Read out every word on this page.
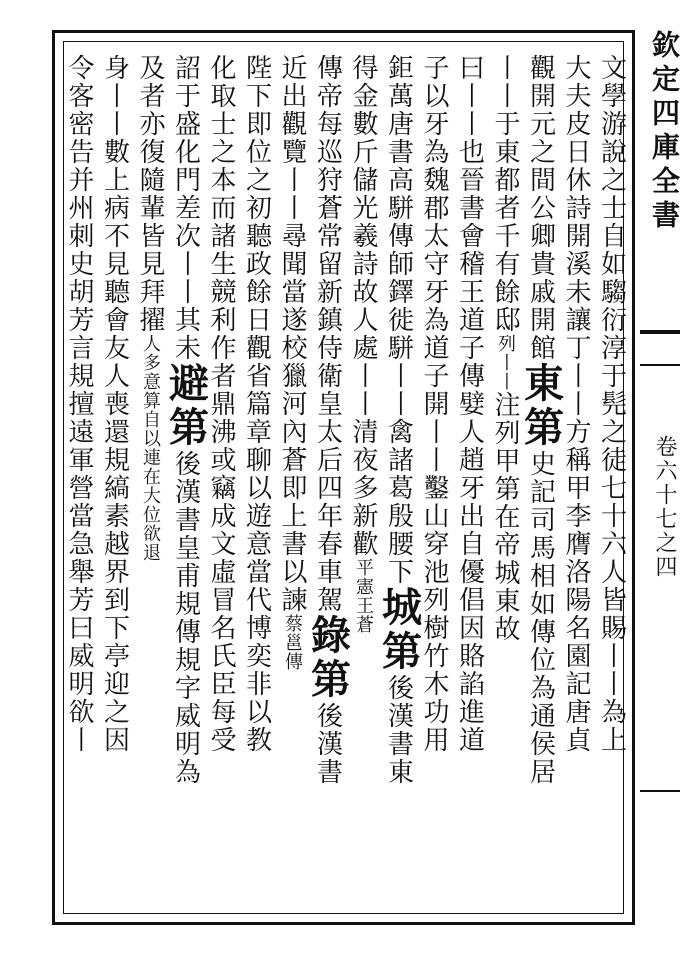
欽定四庫全書
卷六十七之四
文學游說之士自如騶衍淳于髡之徒七十六人皆賜丨丨為上
大夫皮日休詩開溪未讓丁丨丨方稱甲李膺洛陽名園記唐貞
觀開元之間公卿貴戚開館東第史記司馬相如傳位為通侯居
丨丨于東都者千有餘邸列丨丨注列甲第在帝城東故
曰丨丨也晉書會稽王道子傳嬖人趙牙出自優倡因賂諂進道
子以牙為魏郡太守牙為道子開丨丨鑿山穿池列樹竹木功用
鉅萬唐書高駢傳師鐸徙駢丨丨禽諸葛殷腰下城第後漢書東
得金數斤儲光羲詩故人處丨丨清夜多新歡平憲王蒼
傳帝每巡狩蒼常留新鎮侍衛皇太后四年春車駕錄第後漢書
近出觀覽丨丨尋聞當遂校獵河內蒼即上書以諫蔡邕傳
陛下即位之初聽政餘日觀省篇章聊以遊意當代博奕非以教
化取士之本而諸生競利作者鼎沸或竊成文虛冒名氏臣每受
詔于盛化門差次丨丨其未避第後漢書皇甫規傳規字威明為
及者亦復隨輩皆見拜擢人多意算自以連在大位欲退
身丨丨數上病不見聽會友人喪還規縞素越界到下亭迎之因
令客密告并州刺史胡芳言規擅遠軍營當急舉芳曰威明欲丨
